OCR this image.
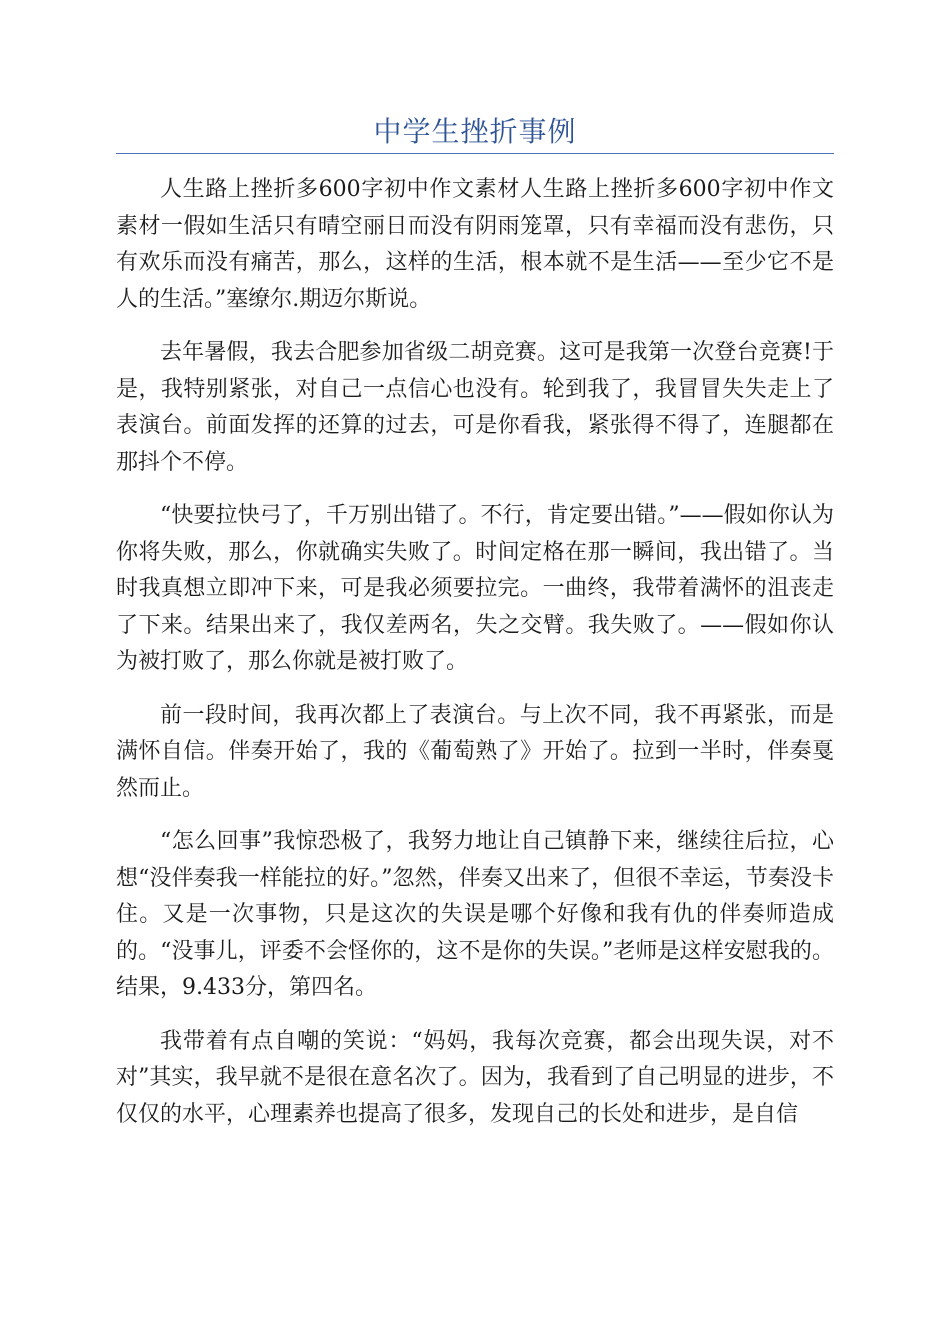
中学生挫折事例

人生路上挫折多600字初中作文素材人生路上挫折多600字初中作文素材一假如生活只有晴空丽日而没有阴雨笼罩，只有幸福而没有悲伤，只有欢乐而没有痛苦，那么，这样的生活，根本就不是生活——至少它不是人的生活。”塞缭尔.期迈尔斯说。

去年暑假，我去合肥参加省级二胡竞赛。这可是我第一次登台竞赛!于是，我特别紧张，对自己一点信心也没有。轮到我了，我冒冒失失走上了表演台。前面发挥的还算的过去，可是你看我，紧张得不得了，连腿都在那抖个不停。

“快要拉快弓了，千万别出错了。不行，肯定要出错。”——假如你认为你将失败，那么，你就确实失败了。时间定格在那一瞬间，我出错了。当时我真想立即冲下来，可是我必须要拉完。一曲终，我带着满怀的沮丧走了下来。结果出来了，我仅差两名，失之交臂。我失败了。——假如你认为被打败了，那么你就是被打败了。

前一段时间，我再次都上了表演台。与上次不同，我不再紧张，而是满怀自信。伴奏开始了，我的《葡萄熟了》开始了。拉到一半时，伴奏戛然而止。

“怎么回事”我惊恐极了，我努力地让自己镇静下来，继续往后拉，心想“没伴奏我一样能拉的好。”忽然，伴奏又出来了，但很不幸运，节奏没卡住。又是一次事物，只是这次的失误是哪个好像和我有仇的伴奏师造成的。“没事儿，评委不会怪你的，这不是你的失误。”老师是这样安慰我的。结果，9.433分，第四名。

我带着有点自嘲的笑说：“妈妈，我每次竞赛，都会出现失误，对不对”其实，我早就不是很在意名次了。因为，我看到了自己明显的进步，不仅仅的水平，心理素养也提高了很多，发现自己的长处和进步，是自信
